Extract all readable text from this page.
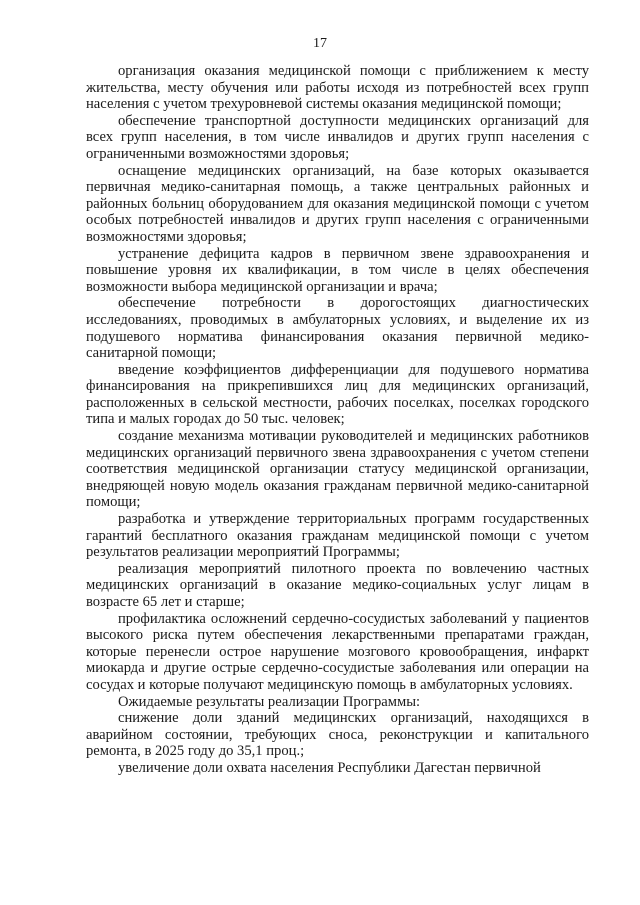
17

организация оказания медицинской помощи с приближением к месту жительства, месту обучения или работы исходя из потребностей всех групп населения с учетом трехуровневой системы оказания медицинской помощи;

обеспечение транспортной доступности медицинских организаций для всех групп населения, в том числе инвалидов и других групп населения с ограниченными возможностями здоровья;

оснащение медицинских организаций, на базе которых оказывается первичная медико-санитарная помощь, а также центральных районных и районных больниц оборудованием для оказания медицинской помощи с учетом особых потребностей инвалидов и других групп населения с ограниченными возможностями здоровья;

устранение дефицита кадров в первичном звене здравоохранения и повышение уровня их квалификации, в том числе в целях обеспечения возможности выбора медицинской организации и врача;

обеспечение потребности в дорогостоящих диагностических исследованиях, проводимых в амбулаторных условиях, и выделение их из подушевого норматива финансирования оказания первичной медико-санитарной помощи;

введение коэффициентов дифференциации для подушевого норматива финансирования на прикрепившихся лиц для медицинских организаций, расположенных в сельской местности, рабочих поселках, поселках городского типа и малых городах до 50 тыс. человек;

создание механизма мотивации руководителей и медицинских работников медицинских организаций первичного звена здравоохранения с учетом степени соответствия медицинской организации статусу медицинской организации, внедряющей новую модель оказания гражданам первичной медико-санитарной помощи;

разработка и утверждение территориальных программ государственных гарантий бесплатного оказания гражданам медицинской помощи с учетом результатов реализации мероприятий Программы;

реализация мероприятий пилотного проекта по вовлечению частных медицинских организаций в оказание медико-социальных услуг лицам в возрасте 65 лет и старше;

профилактика осложнений сердечно-сосудистых заболеваний у пациентов высокого риска путем обеспечения лекарственными препаратами граждан, которые перенесли острое нарушение мозгового кровообращения, инфаркт миокарда и другие острые сердечно-сосудистые заболевания или операции на сосудах и которые получают медицинскую помощь в амбулаторных условиях.

Ожидаемые результаты реализации Программы:

снижение доли зданий медицинских организаций, находящихся в аварийном состоянии, требующих сноса, реконструкции и капитального ремонта, в 2025 году до 35,1 проц.;

увеличение доли охвата населения Республики Дагестан первичной
